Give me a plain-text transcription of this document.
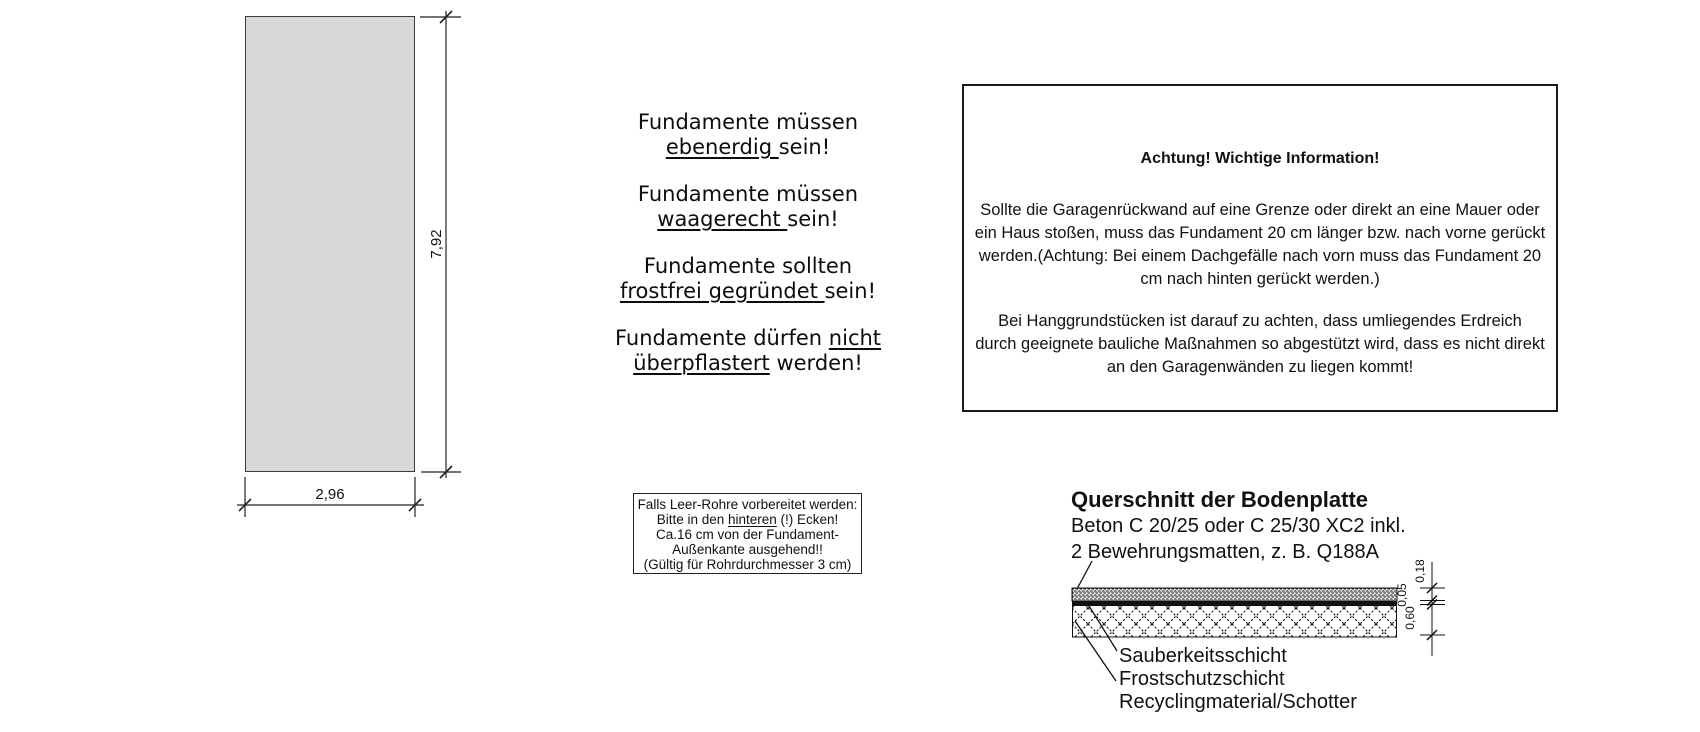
2,96
7,92
Fundamente müssen
ebenerdig sein!
Fundamente müssen
waagerecht sein!
Fundamente sollten
frostfrei gegründet sein!
Fundamente dürfen nicht
überpflastert werden!
Falls Leer-Rohre vorbereitet werden:
Bitte in den hinteren (!) Ecken!
Ca.16 cm von der Fundament-
Außenkante ausgehend!!
(Gültig für Rohrdurchmesser 3 cm)
Achtung! Wichtige Information!
Sollte die Garagenrückwand auf eine Grenze oder direkt an eine Mauer oder
ein Haus stoßen, muss das Fundament 20 cm länger bzw. nach vorne gerückt
werden.(Achtung: Bei einem Dachgefälle nach vorn muss das Fundament 20
cm nach hinten gerückt werden.)
Bei Hanggrundstücken ist darauf zu achten, dass umliegendes Erdreich
durch geeignete bauliche Maßnahmen so abgestützt wird, dass es nicht direkt
an den Garagenwänden zu liegen kommt!
Querschnitt der Bodenplatte
Beton C 20/25 oder C 25/30 XC2 inkl.
2 Bewehrungsmatten, z. B. Q188A
0,18
0,05
0,60
Sauberkeitsschicht
Frostschutzschicht
Recyclingmaterial/Schotter
